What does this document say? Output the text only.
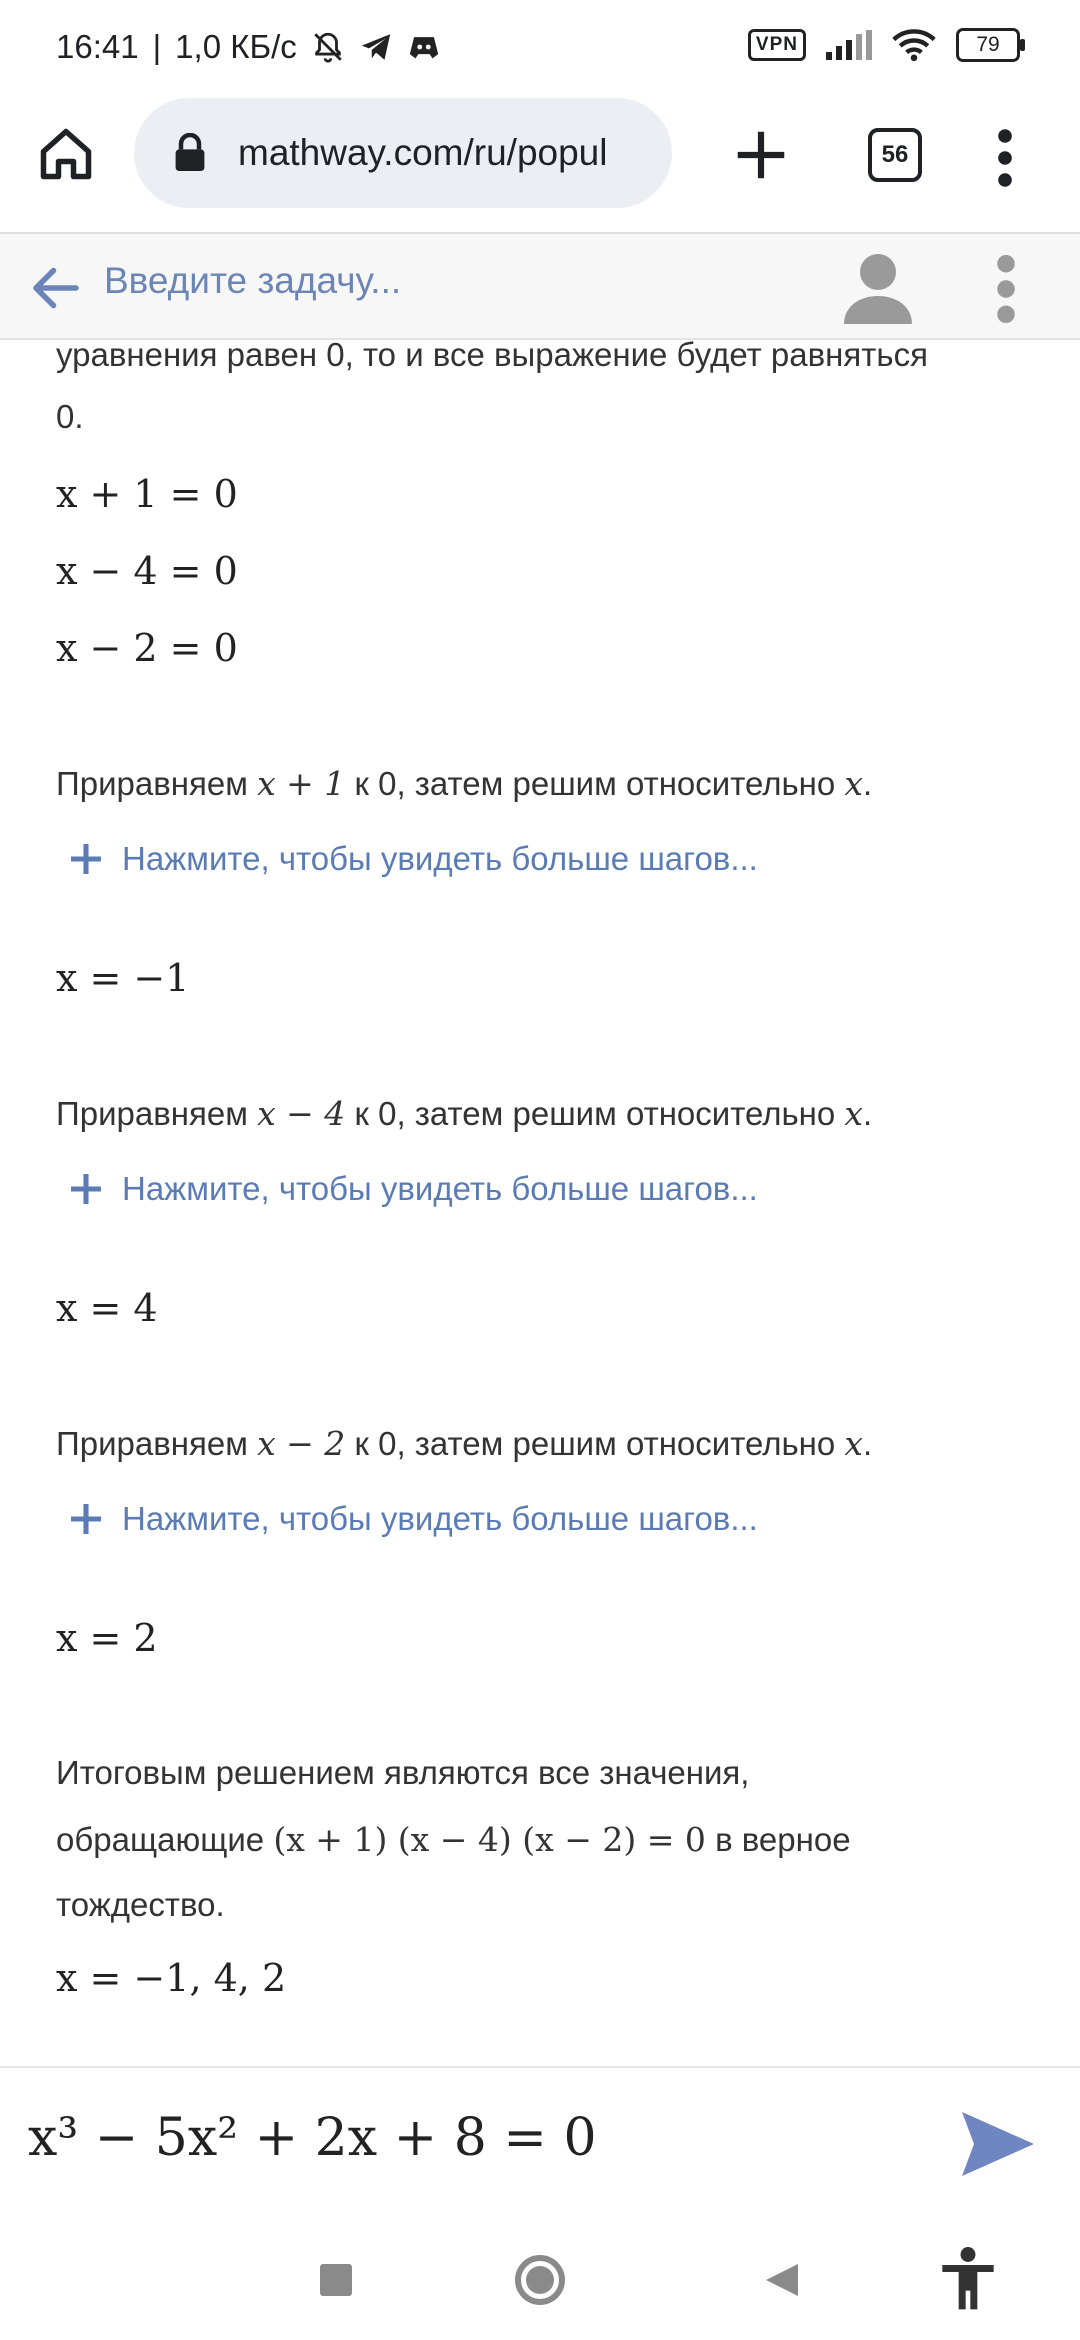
16:41 | 1,0 КБ/с	VPN	79
mathway.com/ru/popul	56
Введите задачу...
уравнения равен 0, то и все выражение будет равняться
0.
x + 1 = 0
x − 4 = 0
x − 2 = 0
Приравняем x + 1 к 0, затем решим относительно x.
Нажмите, чтобы увидеть больше шагов...
x = −1
Приравняем x − 4 к 0, затем решим относительно x.
Нажмите, чтобы увидеть больше шагов...
x = 4
Приравняем x − 2 к 0, затем решим относительно x.
Нажмите, чтобы увидеть больше шагов...
x = 2
Итоговым решением являются все значения,
обращающие (x + 1) (x − 4) (x − 2) = 0 в верное
тождество.
x = −1, 4, 2
x³ − 5x² + 2x + 8 = 0
